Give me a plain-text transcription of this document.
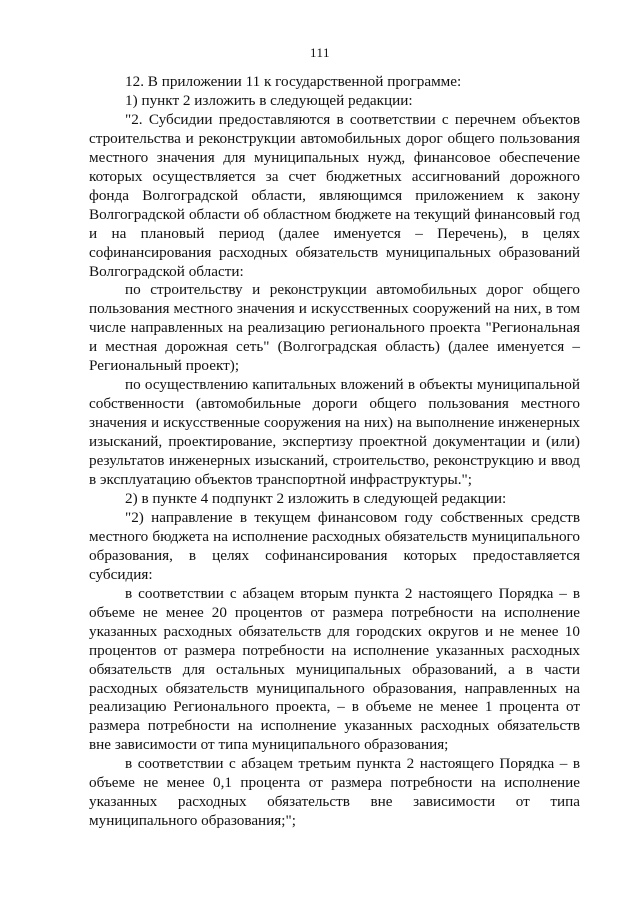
111

12. В приложении 11 к государственной программе:

1) пункт 2 изложить в следующей редакции:

"2. Субсидии предоставляются в соответствии с перечнем объектов строительства и реконструкции автомобильных дорог общего пользования местного значения для муниципальных нужд, финансовое обеспечение которых осуществляется за счет бюджетных ассигнований дорожного фонда Волгоградской области, являющимся приложением к закону Волгоградской области об областном бюджете на текущий финансовый год и на плановый период (далее именуется – Перечень), в целях софинансирования расходных обязательств муниципальных образований Волгоградской области:

по строительству и реконструкции автомобильных дорог общего пользования местного значения и искусственных сооружений на них, в том числе направленных на реализацию регионального проекта "Региональная и местная дорожная сеть" (Волгоградская область) (далее именуется – Региональный проект);

по осуществлению капитальных вложений в объекты муниципальной собственности (автомобильные дороги общего пользования местного значения и искусственные сооружения на них) на выполнение инженерных изысканий, проектирование, экспертизу проектной документации и (или) результатов инженерных изысканий, строительство, реконструкцию и ввод в эксплуатацию объектов транспортной инфраструктуры.";

2) в пункте 4 подпункт 2 изложить в следующей редакции:

"2) направление в текущем финансовом году собственных средств местного бюджета на исполнение расходных обязательств муниципального образования, в целях софинансирования которых предоставляется субсидия:

в соответствии с абзацем вторым пункта 2 настоящего Порядка – в объеме не менее 20 процентов от размера потребности на исполнение указанных расходных обязательств для городских округов и не менее 10 процентов от размера потребности на исполнение указанных расходных обязательств для остальных муниципальных образований, а в части расходных обязательств муниципального образования, направленных на реализацию Регионального проекта, – в объеме не менее 1 процента от размера потребности на исполнение указанных расходных обязательств вне зависимости от типа муниципального образования;

в соответствии с абзацем третьим пункта 2 настоящего Порядка – в объеме не менее 0,1 процента от размера потребности на исполнение указанных расходных обязательств вне зависимости от типа муниципального образования;";
